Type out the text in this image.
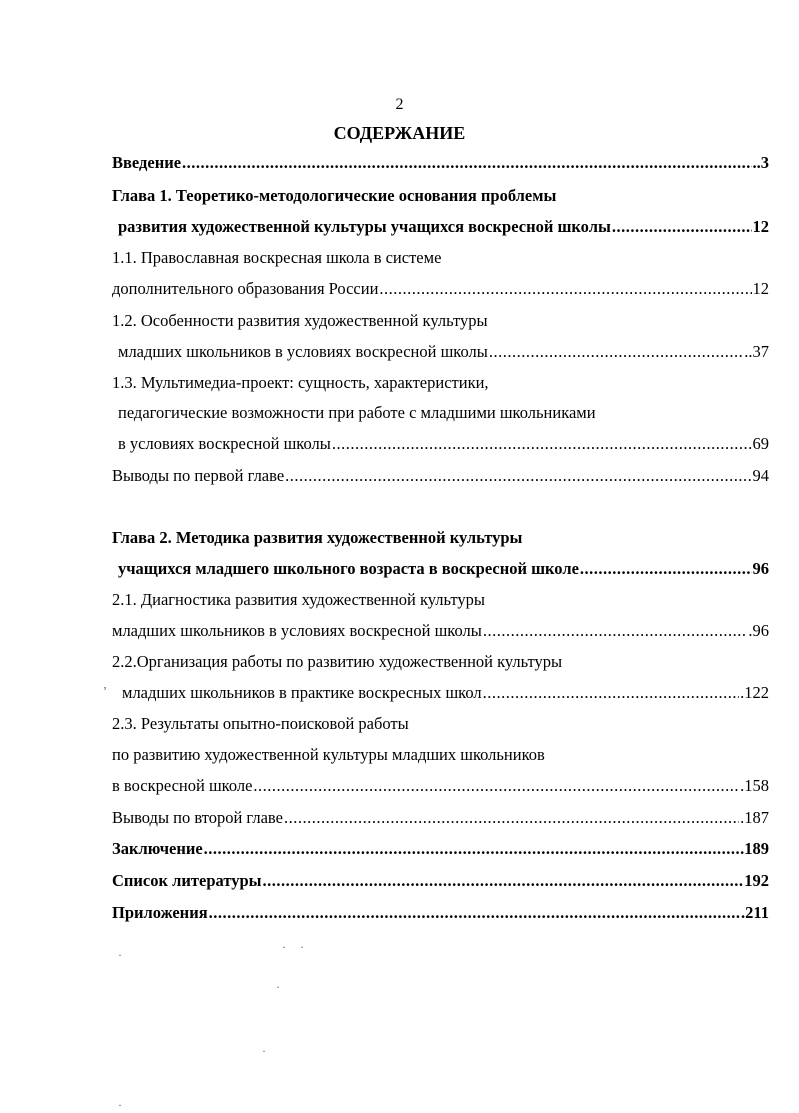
2
СОДЕРЖАНИЕ
Введение .....	..3
Глава 1. Теоретико-методологические основания проблемы
развития художественной культуры учащихся воскресной школы .....	12
1.1. Православная воскресная школа в системе
дополнительного образования России .....	12
1.2. Особенности развития художественной культуры
младших школьников в условиях воскресной школы .....	..37
1.3. Мультимедиа-проект: сущность, характеристики,
педагогические возможности при работе с младшими школьниками
в условиях воскресной школы .....	69
Выводы по первой главе .....	94
Глава 2. Методика развития художественной культуры
учащихся младшего школьного возраста в воскресной школе .....	96
2.1. Диагностика развития художественной культуры
младших школьников в условиях воскресной школы .....	.96
2.2.Организация работы по развитию художественной культуры
младших школьников в практике воскресных школ .....	.122
2.3. Результаты опытно-поисковой работы
по развитию художественной культуры младших школьников
в воскресной школе .....	.158
Выводы по второй главе .....	.187
Заключение .....	.189
Список литературы .....	192
Приложения .....	.211
ʼ
· ·
·
·
·
·
